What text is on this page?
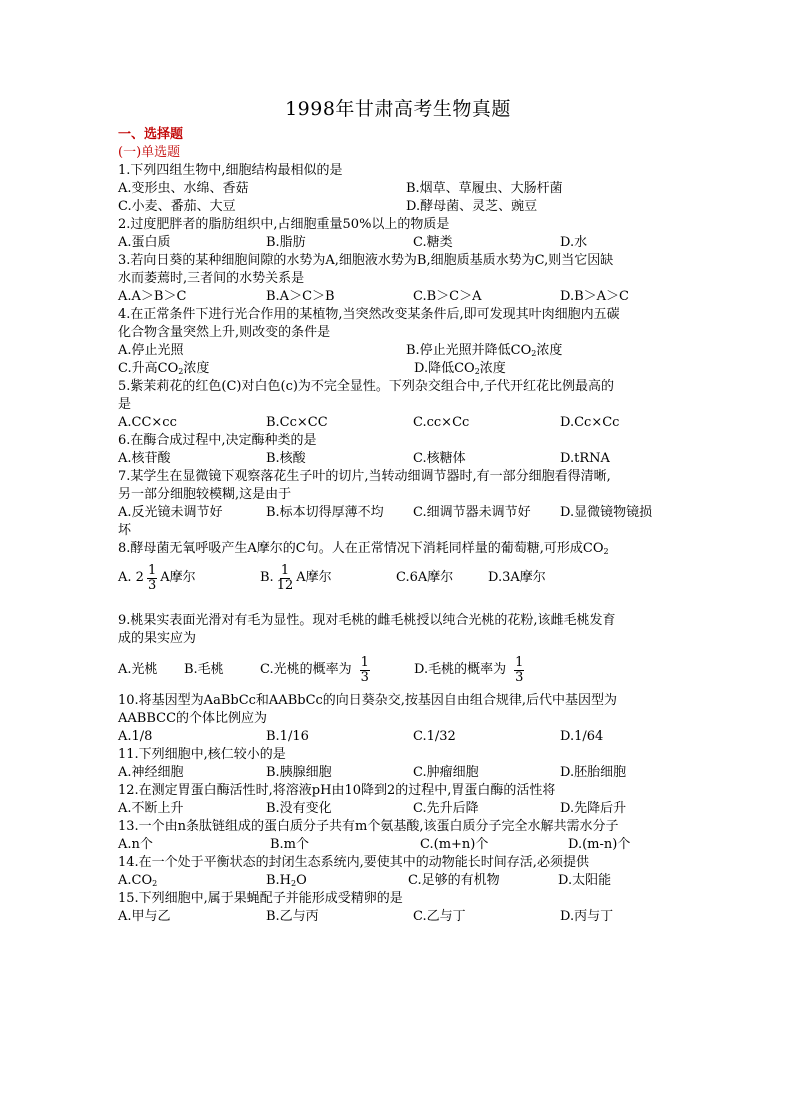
1998年甘肃高考生物真题
一、选择题
(一)单选题
1.下列四组生物中,细胞结构最相似的是
A.变形虫、水绵、香菇	B.烟草、草履虫、大肠杆菌
C.小麦、番茄、大豆	D.酵母菌、灵芝、豌豆
2.过度肥胖者的脂肪组织中,占细胞重量50%以上的物质是
A.蛋白质	B.脂肪	C.糖类	D.水
3.若向日葵的某种细胞间隙的水势为A,细胞液水势为B,细胞质基质水势为C,则当它因缺
水而萎蔫时,三者间的水势关系是
A.A＞B＞C	B.A＞C＞B	C.B＞C＞A	D.B＞A＞C
4.在正常条件下进行光合作用的某植物,当突然改变某条件后,即可发现其叶肉细胞内五碳
化合物含量突然上升,则改变的条件是
A.停止光照	B.停止光照并降低$CO_2$浓度
C.升高$CO_2$浓度	D.降低$CO_2$浓度
5.紫茉莉花的红色(C)对白色(c)为不完全显性。下列杂交组合中,子代开红花比例最高的
是
A.CC×cc	B.Cc×CC	C.cc×Cc	D.Cc×Cc
6.在酶合成过程中,决定酶种类的是
A.核苷酸	B.核酸	C.核糖体	D.tRNA
7.某学生在显微镜下观察落花生子叶的切片,当转动细调节器时,有一部分细胞看得清晰,
另一部分细胞较模糊,这是由于
A.反光镜未调节好	B.标本切得厚薄不均 C.细调节器未调节好 D.显微镜物镜损
坏
8.酵母菌无氧呼吸产生A摩尔的C句。人在正常情况下消耗同样量的葡萄糖,可形成$CO_2$
A. $2 \frac{1}{3}$ A摩尔	B. $\frac{1}{12}$ A摩尔	C.6A摩尔	D.3A摩尔
9.桃果实表面光滑对有毛为显性。现对毛桃的雌毛桃授以纯合光桃的花粉,该雌毛桃发育
成的果实应为
A.光桃 B.毛桃	C.光桃的概率为 $\frac{1}{3}$	D.毛桃的概率为 $\frac{1}{3}$
10.将基因型为AaBbCc和AABbCc的向日葵杂交,按基因自由组合规律,后代中基因型为
AABBCC的个体比例应为
A.1/8	B.1/16	C.1/32	D.1/64
11.下列细胞中,核仁较小的是
A.神经细胞	B.胰腺细胞	C.肿瘤细胞	D.胚胎细胞
12.在测定胃蛋白酶活性时,将溶液pH由10降到2的过程中,胃蛋白酶的活性将
A.不断上升	B.没有变化	C.先升后降	D.先降后升
13.一个由n条肽链组成的蛋白质分子共有m个氨基酸,该蛋白质分子完全水解共需水分子
A.n个	B.m个	C.(m+n)个	D.(m-n)个
14.在一个处于平衡状态的封闭生态系统内,要使其中的动物能长时间存活,必须提供
$A.CO_2$	$B.H_2O$	C.足够的有机物	D.太阳能
15.下列细胞中,属于果蝇配子并能形成受精卵的是
A.甲与乙	B.乙与丙	C.乙与丁	D.丙与丁
